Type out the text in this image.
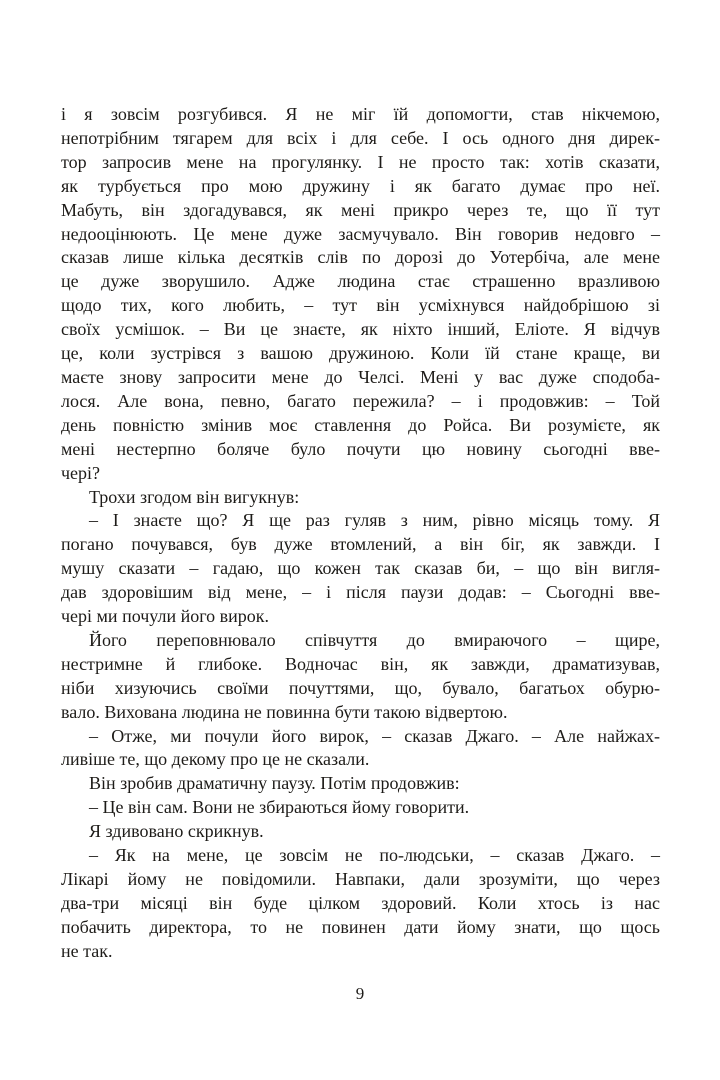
і я зовсім розгубився. Я не міг їй допомогти, став нікчемою,
непотрібним тягарем для всіх і для себе. І ось одного дня дирек-
тор запросив мене на прогулянку. І не просто так: хотів сказати,
як турбується про мою дружину і як багато думає про неї.
Мабуть, він здогадувався, як мені прикро через те, що її тут
недооцінюють. Це мене дуже засмучувало. Він говорив недовго –
сказав лише кілька десятків слів по дорозі до Уотербіча, але мене
це дуже зворушило. Адже людина стає страшенно вразливою
щодо тих, кого любить, – тут він усміхнувся найдобрішою зі
своїх усмішок. – Ви це знаєте, як ніхто інший, Еліоте. Я відчув
це, коли зустрівся з вашою дружиною. Коли їй стане краще, ви
маєте знову запросити мене до Челсі. Мені у вас дуже сподоба-
лося. Але вона, певно, багато пережила? – і продовжив: – Той
день повністю змінив моє ставлення до Ройса. Ви розумієте, як
мені нестерпно боляче було почути цю новину сьогодні вве-
чері?
Трохи згодом він вигукнув:
– І знаєте що? Я ще раз гуляв з ним, рівно місяць тому. Я
погано почувався, був дуже втомлений, а він біг, як завжди. І
мушу сказати – гадаю, що кожен так сказав би, – що він вигля-
дав здоровішим від мене, – і після паузи додав: – Сьогодні вве-
чері ми почули його вирок.
Його переповнювало співчуття до вмираючого – щире,
нестримне й глибоке. Водночас він, як завжди, драматизував,
ніби хизуючись своїми почуттями, що, бувало, багатьох обурю-
вало. Вихована людина не повинна бути такою відвертою.
– Отже, ми почули його вирок, – сказав Джаго. – Але найжах-
ливіше те, що декому про це не сказали.
Він зробив драматичну паузу. Потім продовжив:
– Це він сам. Вони не збираються йому говорити.
Я здивовано скрикнув.
– Як на мене, це зовсім не по-людськи, – сказав Джаго. –
Лікарі йому не повідомили. Навпаки, дали зрозуміти, що через
два-три місяці він буде цілком здоровий. Коли хтось із нас
побачить директора, то не повинен дати йому знати, що щось
не так.
9
